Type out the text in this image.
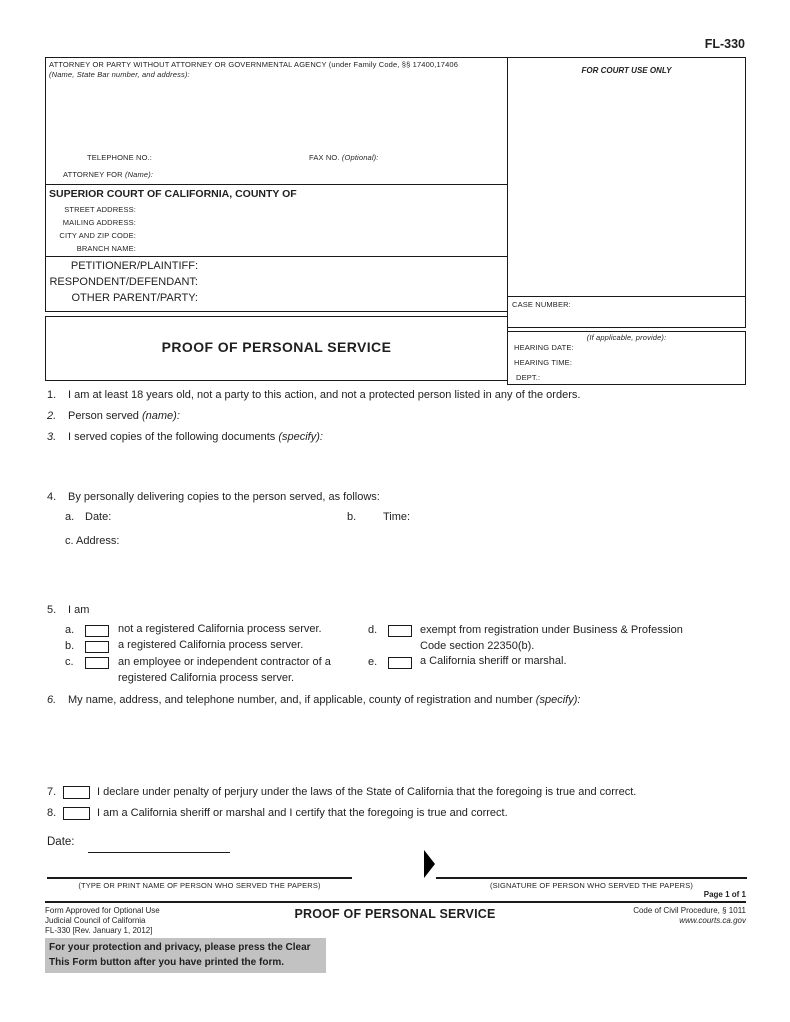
FL-330
ATTORNEY OR PARTY WITHOUT ATTORNEY OR GOVERNMENTAL AGENCY (under Family Code, §§ 17400,17406
(Name, State Bar number, and address):
TELEPHONE NO.:	FAX NO. (Optional):
ATTORNEY FOR (Name):
FOR COURT USE ONLY
SUPERIOR COURT OF CALIFORNIA, COUNTY OF
STREET ADDRESS:
MAILING ADDRESS:
CITY AND ZIP CODE:
BRANCH NAME:
PETITIONER/PLAINTIFF:
RESPONDENT/DEFENDANT:
OTHER PARENT/PARTY:
PROOF OF PERSONAL SERVICE
CASE NUMBER:
(If applicable, provide):
HEARING DATE:
HEARING TIME:
DEPT.:
1. I am at least 18 years old, not a party to this action, and not a protected person listed in any of the orders.
2. Person served (name):
3. I served copies of the following documents (specify):
4. By personally delivering copies to the person served, as follows:
a. Date:	b. Time:
c. Address:
5. I am
a.	not a registered California process server.
b.	a registered California process server.
c.	an employee or independent contractor of a
registered California process server.
d.	exempt from registration under Business & Profession
Code section 22350(b).
e.	a California sheriff or marshal.
6. My name, address, and telephone number, and, if applicable, county of registration and number (specify):
7.	I declare under penalty of perjury under the laws of the State of California that the foregoing is true and correct.
8.	I am a California sheriff or marshal and I certify that the foregoing is true and correct.
Date:
(TYPE OR PRINT NAME OF PERSON WHO SERVED THE PAPERS)	(SIGNATURE OF PERSON WHO SERVED THE PAPERS)
Page 1 of 1
Form Approved for Optional Use
Judicial Council of California
FL-330 [Rev. January 1, 2012]
PROOF OF PERSONAL SERVICE	Code of Civil Procedure, § 1011
www.courts.ca.gov
For your protection and privacy, please press the Clear
This Form button after you have printed the form.
